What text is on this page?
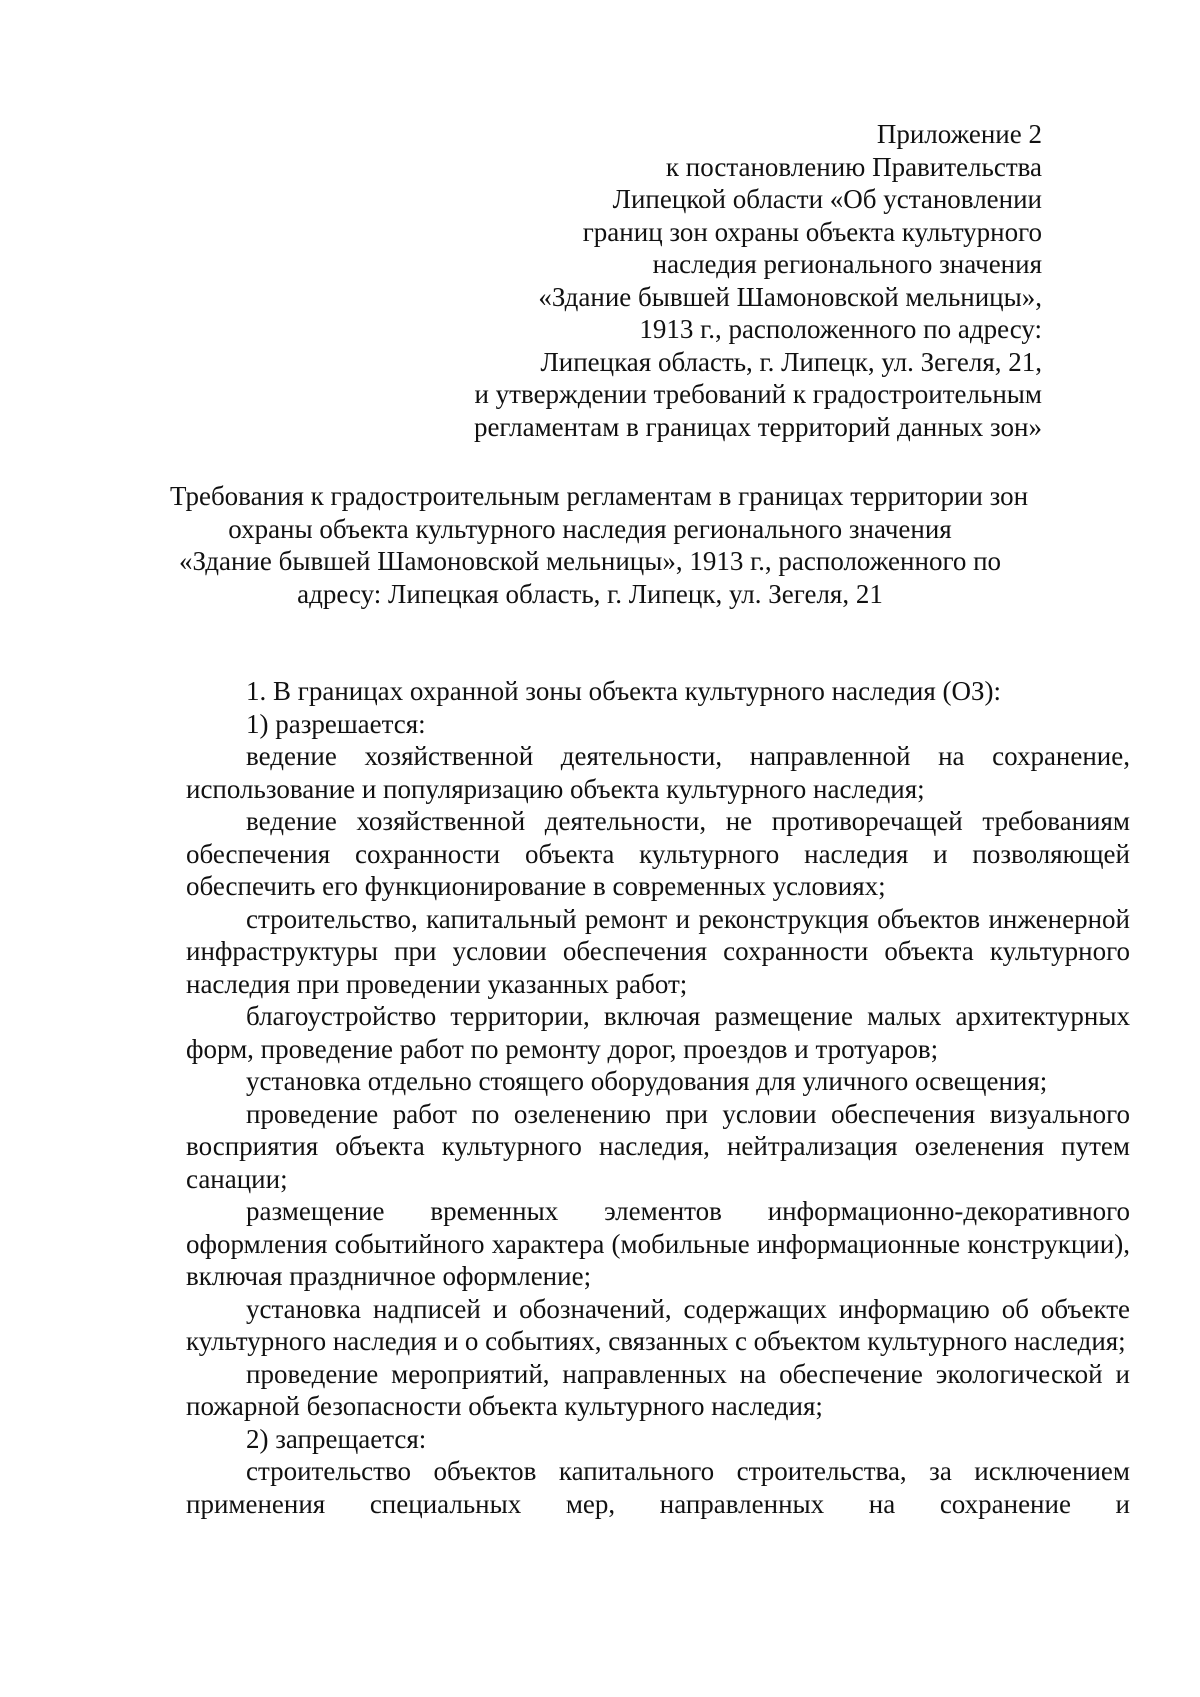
Приложение 2
к постановлению Правительства
Липецкой области «Об установлении
границ зон охраны объекта культурного
наследия регионального значения
«Здание бывшей Шамоновской мельницы»,
1913 г., расположенного по адресу:
Липецкая область, г. Липецк, ул. Зегеля, 21,
и утверждении требований к градостроительным
регламентам в границах территорий данных зон»
Требования к градостроительным регламентам в границах территории зон
охраны объекта культурного наследия регионального значения
«Здание бывшей Шамоновской мельницы», 1913 г., расположенного по
адресу: Липецкая область, г. Липецк, ул. Зегеля, 21

1. В границах охранной зоны объекта культурного наследия (ОЗ):

1) разрешается:

ведение хозяйственной деятельности, направленной на сохранение, использование и популяризацию объекта культурного наследия;

ведение хозяйственной деятельности, не противоречащей требованиям обеспечения сохранности объекта культурного наследия и позволяющей обеспечить его функционирование в современных условиях;

строительство, капитальный ремонт и реконструкция объектов инженерной инфраструктуры при условии обеспечения сохранности объекта культурного наследия при проведении указанных работ;

благоустройство территории, включая размещение малых архитектурных форм, проведение работ по ремонту дорог, проездов и тротуаров;

установка отдельно стоящего оборудования для уличного освещения;

проведение работ по озеленению при условии обеспечения визуального восприятия объекта культурного наследия, нейтрализация озеленения путем санации;

размещение временных элементов информационно-декоративного оформления событийного характера (мобильные информационные конструкции), включая праздничное оформление;

установка надписей и обозначений, содержащих информацию об объекте культурного наследия и о событиях, связанных с объектом культурного наследия;

проведение мероприятий, направленных на обеспечение экологической и пожарной безопасности объекта культурного наследия;

2) запрещается:

строительство объектов капитального строительства, за исключением применения специальных мер, направленных на сохранение и
